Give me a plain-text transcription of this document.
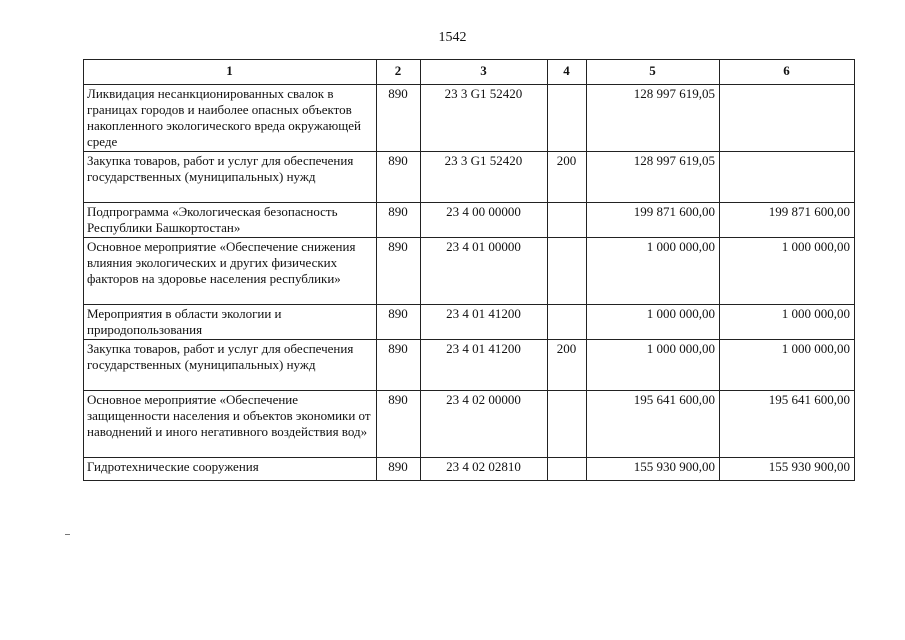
1542
1	2	3	4	5	6
Ликвидация несанкционированных свалок в границах городов и наиболее опасных объектов накопленного экологического вреда окружающей среде	890	23 3 G1 52420		128 997 619,05	
Закупка товаров, работ и услуг для обеспечения государственных (муниципальных) нужд	890	23 3 G1 52420	200	128 997 619,05	
Подпрограмма «Экологическая безопасность Республики Башкортостан»	890	23 4 00 00000		199 871 600,00	199 871 600,00
Основное мероприятие «Обеспечение снижения влияния экологических и других физических факторов на здоровье населения республики»	890	23 4 01 00000		1 000 000,00	1 000 000,00
Мероприятия в области экологии и природопользования	890	23 4 01 41200		1 000 000,00	1 000 000,00
Закупка товаров, работ и услуг для обеспечения государственных (муниципальных) нужд	890	23 4 01 41200	200	1 000 000,00	1 000 000,00
Основное мероприятие «Обеспечение защищенности населения и объектов экономики от наводнений и иного негативного воздействия вод»	890	23 4 02 00000		195 641 600,00	195 641 600,00
Гидротехнические сооружения	890	23 4 02 02810		155 930 900,00	155 930 900,00
